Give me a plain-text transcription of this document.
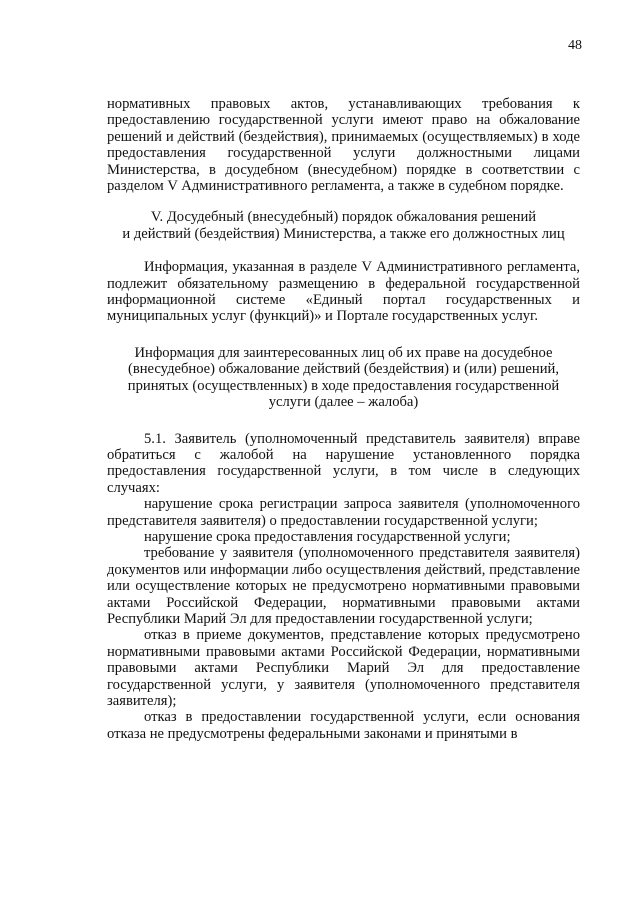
48

нормативных правовых актов, устанавливающих требования к предоставлению государственной услуги имеют право на обжалование решений и действий (бездействия), принимаемых (осуществляемых) в ходе предоставления государственной услуги должностными лицами Министерства, в досудебном (внесудебном) порядке в соответствии с разделом V Административного регламента, а также в судебном порядке.

V. Досудебный (внесудебный) порядок обжалования решений
и действий (бездействия) Министерства, а также его должностных лиц

Информация, указанная в разделе V Административного регламента, подлежит обязательному размещению в федеральной государственной информационной системе «Единый портал государственных и муниципальных услуг (функций)» и Портале государственных услуг.

Информация для заинтересованных лиц об их праве на досудебное
(внесудебное) обжалование действий (бездействия) и (или) решений,
принятых (осуществленных) в ходе предоставления государственной
услуги (далее – жалоба)

5.1. Заявитель (уполномоченный представитель заявителя) вправе обратиться с жалобой на нарушение установленного порядка предоставления государственной услуги, в том числе в следующих случаях:

нарушение срока регистрации запроса заявителя (уполномоченного представителя заявителя) о предоставлении государственной услуги;

нарушение срока предоставления государственной услуги;

требование у заявителя (уполномоченного представителя заявителя) документов или информации либо осуществления действий, представление или осуществление которых не предусмотрено нормативными правовыми актами Российской Федерации, нормативными правовыми актами Республики Марий Эл для предоставлении государственной услуги;

отказ в приеме документов, представление которых предусмотрено нормативными правовыми актами Российской Федерации, нормативными правовыми актами Республики Марий Эл для предоставление государственной услуги, у заявителя (уполномоченного представителя заявителя);

отказ в предоставлении государственной услуги, если основания отказа не предусмотрены федеральными законами и принятыми в
